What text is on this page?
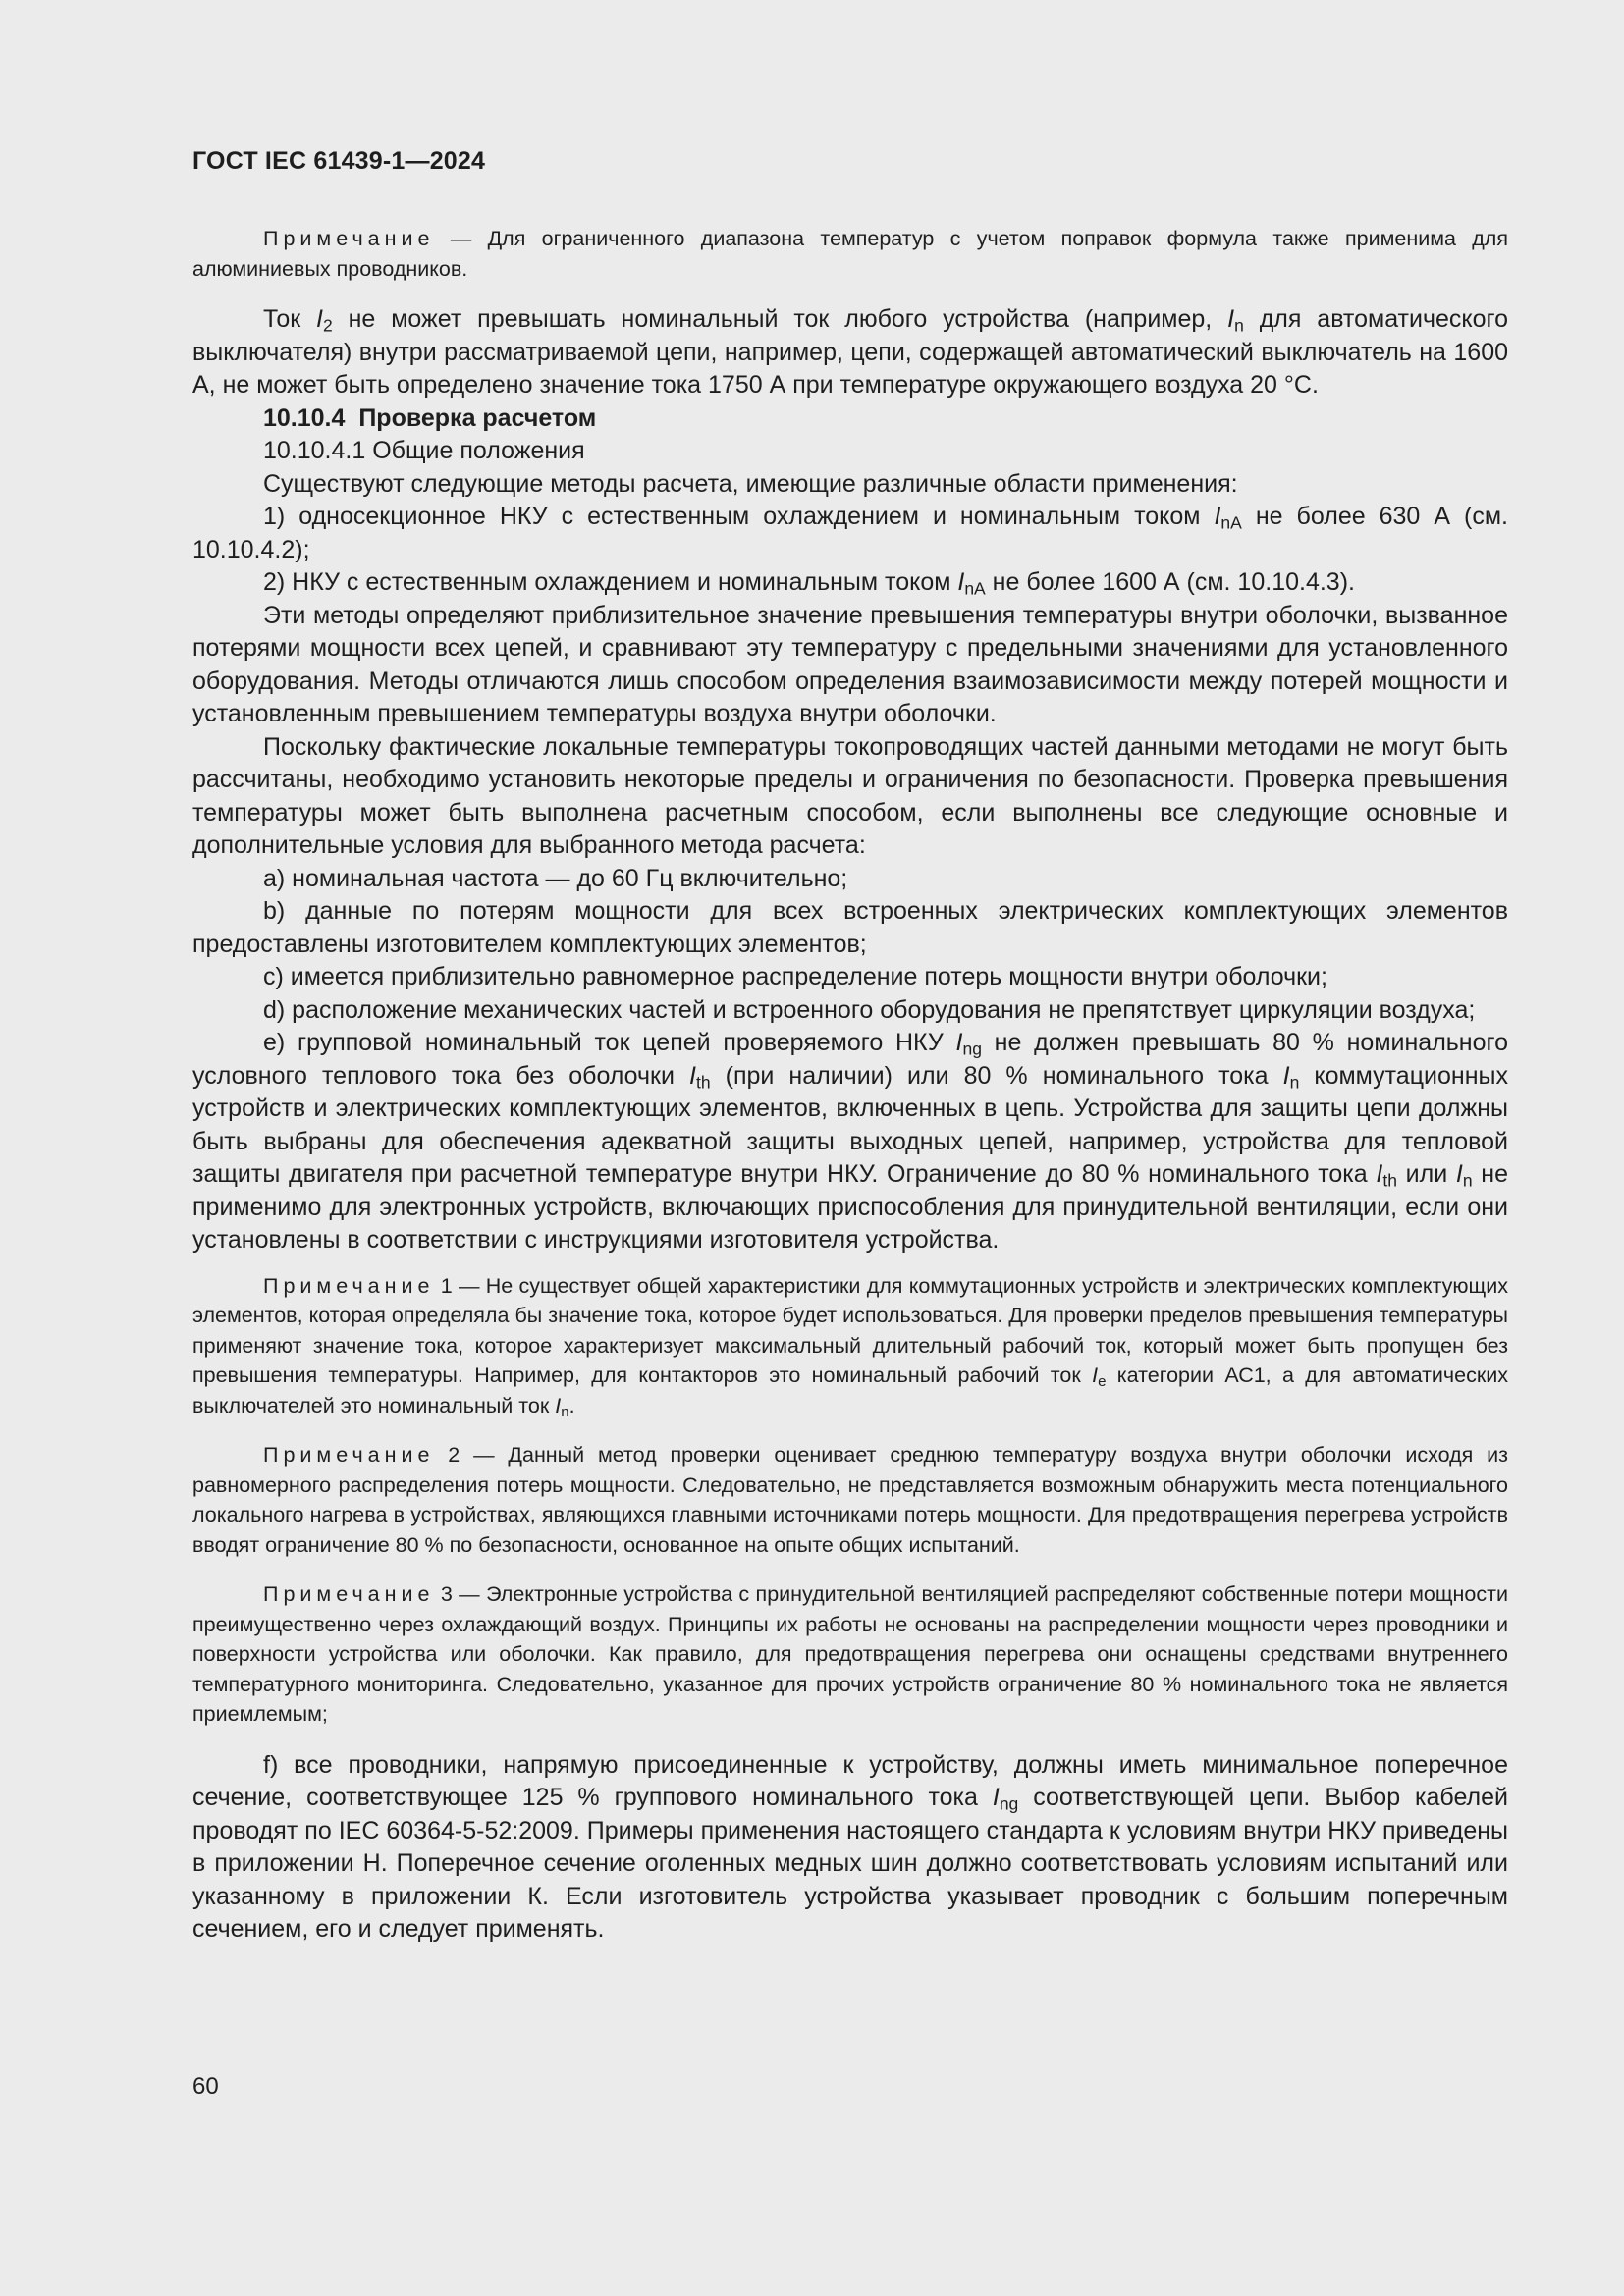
ГОСТ IEC 61439-1—2024

Примечание — Для ограниченного диапазона температур с учетом поправок формула также применима для алюминиевых проводников.

Ток $I_2$ не может превышать номинальный ток любого устройства (например, $I_n$ для автоматического выключателя) внутри рассматриваемой цепи, например, цепи, содержащей автоматический выключатель на 1600 А, не может быть определено значение тока 1750 А при температуре окружающего воздуха 20 °С.

10.10.4 Проверка расчетом

10.10.4.1 Общие положения

Существуют следующие методы расчета, имеющие различные области применения:

1) односекционное НКУ с естественным охлаждением и номинальным током $I_{nA}$ не более 630 А (см. 10.10.4.2);

2) НКУ с естественным охлаждением и номинальным током $I_{nA}$ не более 1600 А (см. 10.10.4.3).

Эти методы определяют приблизительное значение превышения температуры внутри оболочки, вызванное потерями мощности всех цепей, и сравнивают эту температуру с предельными значениями для установленного оборудования. Методы отличаются лишь способом определения взаимозависимости между потерей мощности и установленным превышением температуры воздуха внутри оболочки.

Поскольку фактические локальные температуры токопроводящих частей данными методами не могут быть рассчитаны, необходимо установить некоторые пределы и ограничения по безопасности. Проверка превышения температуры может быть выполнена расчетным способом, если выполнены все следующие основные и дополнительные условия для выбранного метода расчета:

a) номинальная частота — до 60 Гц включительно;

b) данные по потерям мощности для всех встроенных электрических комплектующих элементов предоставлены изготовителем комплектующих элементов;

c) имеется приблизительно равномерное распределение потерь мощности внутри оболочки;

d) расположение механических частей и встроенного оборудования не препятствует циркуляции воздуха;

e) групповой номинальный ток цепей проверяемого НКУ $I_{ng}$ не должен превышать 80 % номинального условного теплового тока без оболочки $I_{th}$ (при наличии) или 80 % номинального тока $I_n$ коммутационных устройств и электрических комплектующих элементов, включенных в цепь. Устройства для защиты цепи должны быть выбраны для обеспечения адекватной защиты выходных цепей, например, устройства для тепловой защиты двигателя при расчетной температуре внутри НКУ. Ограничение до 80 % номинального тока $I_{th}$ или $I_n$ не применимо для электронных устройств, включающих приспособления для принудительной вентиляции, если они установлены в соответствии с инструкциями изготовителя устройства.

Примечание 1 — Не существует общей характеристики для коммутационных устройств и электрических комплектующих элементов, которая определяла бы значение тока, которое будет использоваться. Для проверки пределов превышения температуры применяют значение тока, которое характеризует максимальный длительный рабочий ток, который может быть пропущен без превышения температуры. Например, для контакторов это номинальный рабочий ток $I_e$ категории АС1, а для автоматических выключателей это номинальный ток $I_n$.

Примечание 2 — Данный метод проверки оценивает среднюю температуру воздуха внутри оболочки исходя из равномерного распределения потерь мощности. Следовательно, не представляется возможным обнаружить места потенциального локального нагрева в устройствах, являющихся главными источниками потерь мощности. Для предотвращения перегрева устройств вводят ограничение 80 % по безопасности, основанное на опыте общих испытаний.

Примечание 3 — Электронные устройства с принудительной вентиляцией распределяют собственные потери мощности преимущественно через охлаждающий воздух. Принципы их работы не основаны на распределении мощности через проводники и поверхности устройства или оболочки. Как правило, для предотвращения перегрева они оснащены средствами внутреннего температурного мониторинга. Следовательно, указанное для прочих устройств ограничение 80 % номинального тока не является приемлемым;

f) все проводники, напрямую присоединенные к устройству, должны иметь минимальное поперечное сечение, соответствующее 125 % группового номинального тока $I_{ng}$ соответствующей цепи. Выбор кабелей проводят по IEC 60364-5-52:2009. Примеры применения настоящего стандарта к условиям внутри НКУ приведены в приложении Н. Поперечное сечение оголенных медных шин должно соответствовать условиям испытаний или указанному в приложении К. Если изготовитель устройства указывает проводник с большим поперечным сечением, его и следует применять.

60
